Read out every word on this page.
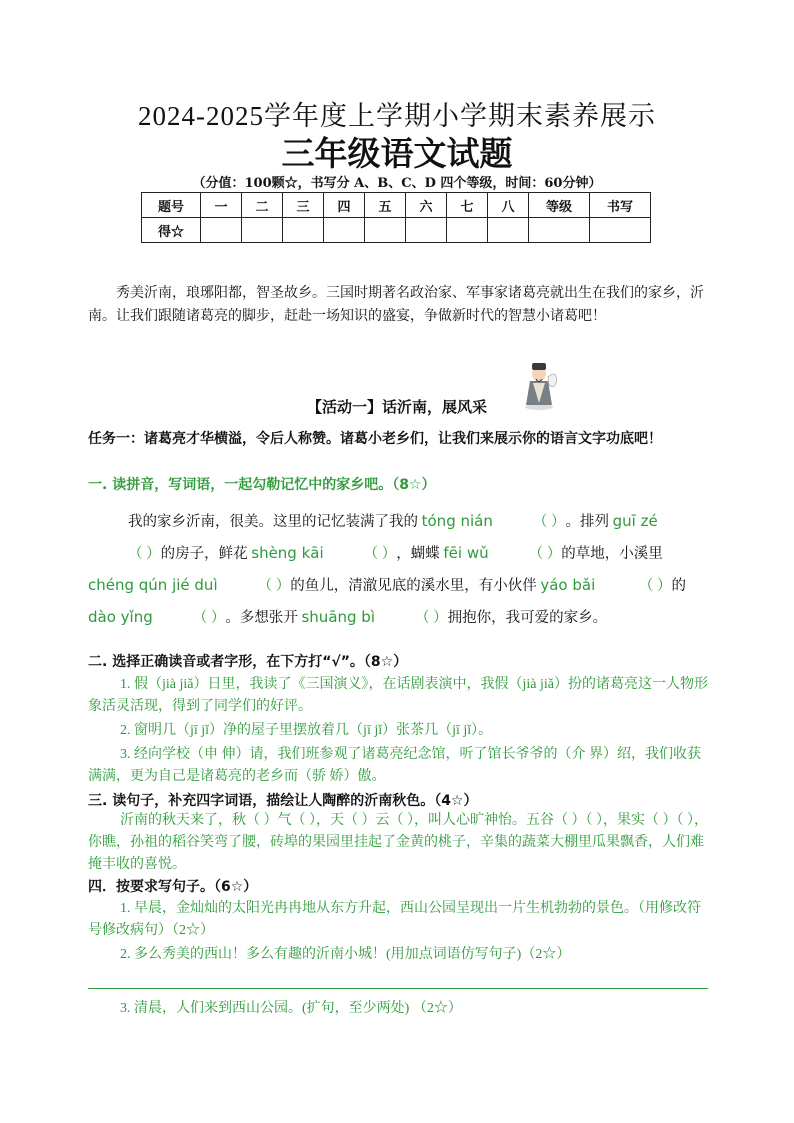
2024-2025学年度上学期小学期末素养展示
三年级语文试题
（分值：100颗☆，书写分 A、B、C、D 四个等级，时间：60分钟）
题号	一	二	三	四	五	六	七	八	等级	书写
得☆										
秀美沂南，琅琊阳都，智圣故乡。三国时期著名政治家、军事家诸葛亮就出生在我们的家乡，沂南。让我们跟随诸葛亮的脚步，赶赴一场知识的盛宴，争做新时代的智慧小诸葛吧！
【活动一】话沂南，展风采
任务一：诸葛亮才华横溢，令后人称赞。诸葛小老乡们，让我们来展示你的语言文字功底吧！
一. 读拼音，写词语，一起勾勒记忆中的家乡吧。（8☆）
我的家乡沂南，很美。这里的记忆装满了我的 tóng nián	（ ）。排列 guī zé （ ）的房子，鲜花 shèng kāi	（ ），蝴蝶 fēi wǔ	（ ）的草地，小溪里 chéng qún jié duì	（ ）的鱼儿，清澈见底的溪水里，有小伙伴 yáo bǎi	（ ）的 dào yǐng	（ ）。多想张开 shuāng bì	（ ）拥抱你，我可爱的家乡。
二. 选择正确读音或者字形，在下方打“√”。（8☆）
1. 假（jià jiǎ）日里，我读了《三国演义》，在话剧表演中，我假（jià jiǎ）扮的诸葛亮这一人物形象活灵活现，得到了同学们的好评。
2. 窗明几（jī jǐ）净的屋子里摆放着几（jī jǐ）张茶几（jī jǐ）。
3. 经向学校（申 伸）请，我们班参观了诸葛亮纪念馆，听了馆长爷爷的（介 界）绍，我们收获满满，更为自己是诸葛亮的老乡而（骄 娇）傲。
三. 读句子，补充四字词语，描绘让人陶醉的沂南秋色。（4☆）
沂南的秋天来了，秋（ ）气（ ），天（ ）云（ ），叫人心旷神怡。五谷（ ）（ ），果实（ ）（ ），你瞧，孙祖的稻谷笑弯了腰，砖埠的果园里挂起了金黄的桃子，辛集的蔬菜大棚里瓜果飘香，人们难掩丰收的喜悦。
四．按要求写句子。（6☆）
1. 早晨，金灿灿的太阳光冉冉地从东方升起，西山公园呈现出一片生机勃勃的景色。（用修改符号修改病句）（2☆）
2. 多么秀美的西山！多么有趣的沂南小城！(用加点词语仿写句子)（2☆）
3. 清晨，人们来到西山公园。(扩句，至少两处) （2☆）
